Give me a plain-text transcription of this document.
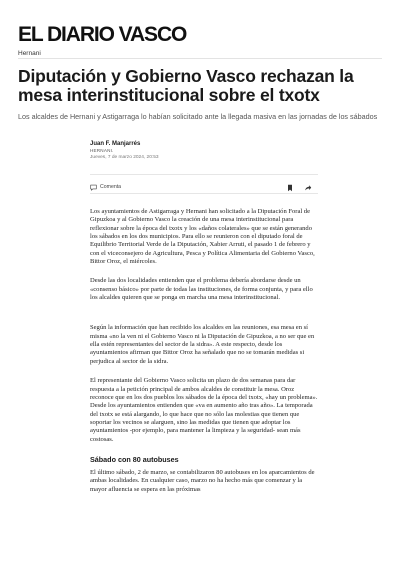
EL DIARIO VASCO
Hernani
Diputación y Gobierno Vasco rechazan la mesa interinstitucional sobre el txotx

Los alcaldes de Hernani y Astigarraga lo habían solicitado ante la llegada masiva en las jornadas de los sábados

Juan F. Manjarrés
HERNANI.
Jueves, 7 de marzo 2024, 20:53
Comenta

Los ayuntamientos de Astigarraga y Hernani han solicitado a la Diputación Foral de Gipuzkoa y al Gobierno Vasco la creación de una mesa interinstitucional para reflexionar sobre la época del txotx y los «daños colaterales» que se están generando los sábados en los dos municipios. Para ello se reunieron con el diputado foral de Equilibrio Territorial Verde de la Diputación, Xabier Arruti, el pasado 1 de febrero y con el viceconsejero de Agricultura, Pesca y Política Alimentaria del Gobierno Vasco, Bittor Oroz, el miércoles.

Desde las dos localidades entienden que el problema debería abordarse desde un «consenso básico» por parte de todas las instituciones, de forma conjunta, y para ello los alcaldes quieren que se ponga en marcha una mesa interinstitucional.

Según la información que han recibido los alcaldes en las reuniones, esa mesa en sí misma «no la ven ni el Gobierno Vasco ni la Diputación de Gipuzkoa, a no ser que en ella estén representantes del sector de la sidra». A este respecto, desde los ayuntamientos afirman que Bittor Oroz ha señalado que no se tomarán medidas si perjudica al sector de la sidra.

El representante del Gobierno Vasco solicita un plazo de dos semanas para dar respuesta a la petición principal de ambos alcaldes de constituir la mesa. Oroz reconoce que en los dos pueblos los sábados de la época del txotx, «hay un problema». Desde los ayuntamientos entienden que «va en aumento año tras año». La temporada del txotx se está alargando, lo que hace que no sólo las molestias que tienen que soportar los vecinos se alarguen, sino las medidas que tienen que adoptar los ayuntamientos -por ejemplo, para mantener la limpieza y la seguridad- sean más costosas.

Sábado con 80 autobuses

El último sábado, 2 de marzo, se contabilizaron 80 autobuses en los aparcamientos de ambas localidades. En cualquier caso, marzo no ha hecho más que comenzar y la mayor afluencia se espera en las próximas
